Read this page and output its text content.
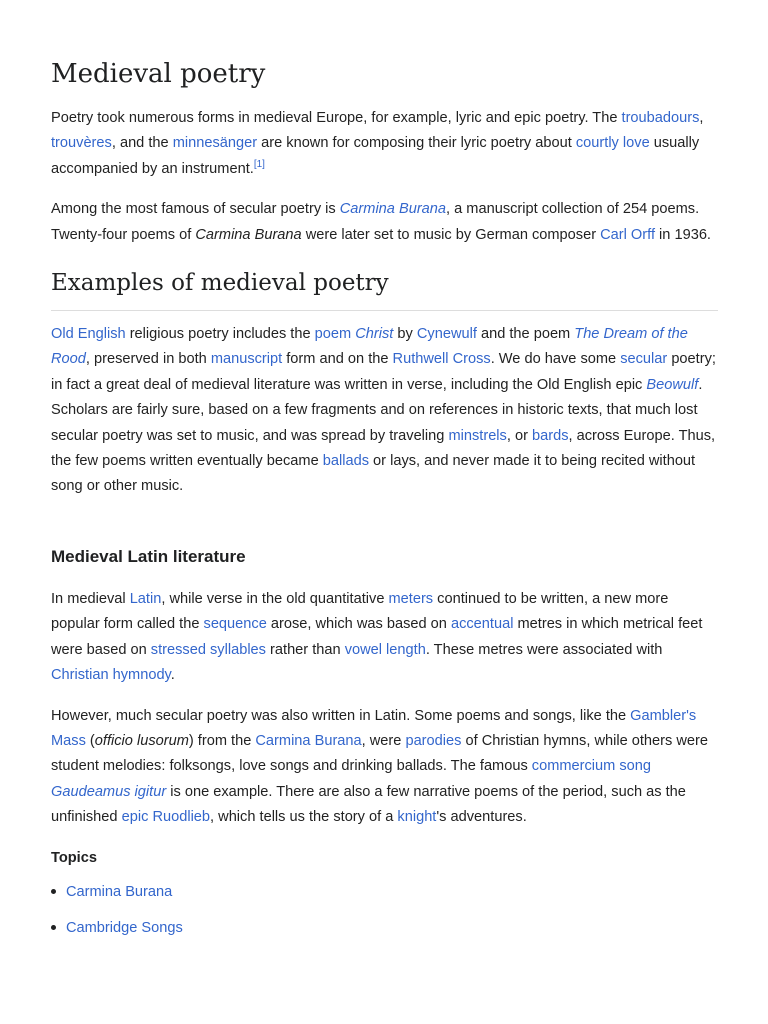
Medieval poetry

Poetry took numerous forms in medieval Europe, for example, lyric and epic poetry. The troubadours, trouvères, and the minnesänger are known for composing their lyric poetry about courtly love usually accompanied by an instrument.[1]

Among the most famous of secular poetry is Carmina Burana, a manuscript collection of 254 poems. Twenty-four poems of Carmina Burana were later set to music by German composer Carl Orff in 1936.

Examples of medieval poetry

Old English religious poetry includes the poem Christ by Cynewulf and the poem The Dream of the Rood, preserved in both manuscript form and on the Ruthwell Cross. We do have some secular poetry; in fact a great deal of medieval literature was written in verse, including the Old English epic Beowulf. Scholars are fairly sure, based on a few fragments and on references in historic texts, that much lost secular poetry was set to music, and was spread by traveling minstrels, or bards, across Europe. Thus, the few poems written eventually became ballads or lays, and never made it to being recited without song or other music.

Medieval Latin literature

In medieval Latin, while verse in the old quantitative meters continued to be written, a new more popular form called the sequence arose, which was based on accentual metres in which metrical feet were based on stressed syllables rather than vowel length. These metres were associated with Christian hymnody.

However, much secular poetry was also written in Latin. Some poems and songs, like the Gambler's Mass (officio lusorum) from the Carmina Burana, were parodies of Christian hymns, while others were student melodies: folksongs, love songs and drinking ballads. The famous commercium song Gaudeamus igitur is one example. There are also a few narrative poems of the period, such as the unfinished epic Ruodlieb, which tells us the story of a knight's adventures.

Topics
Carmina Burana
Cambridge Songs
